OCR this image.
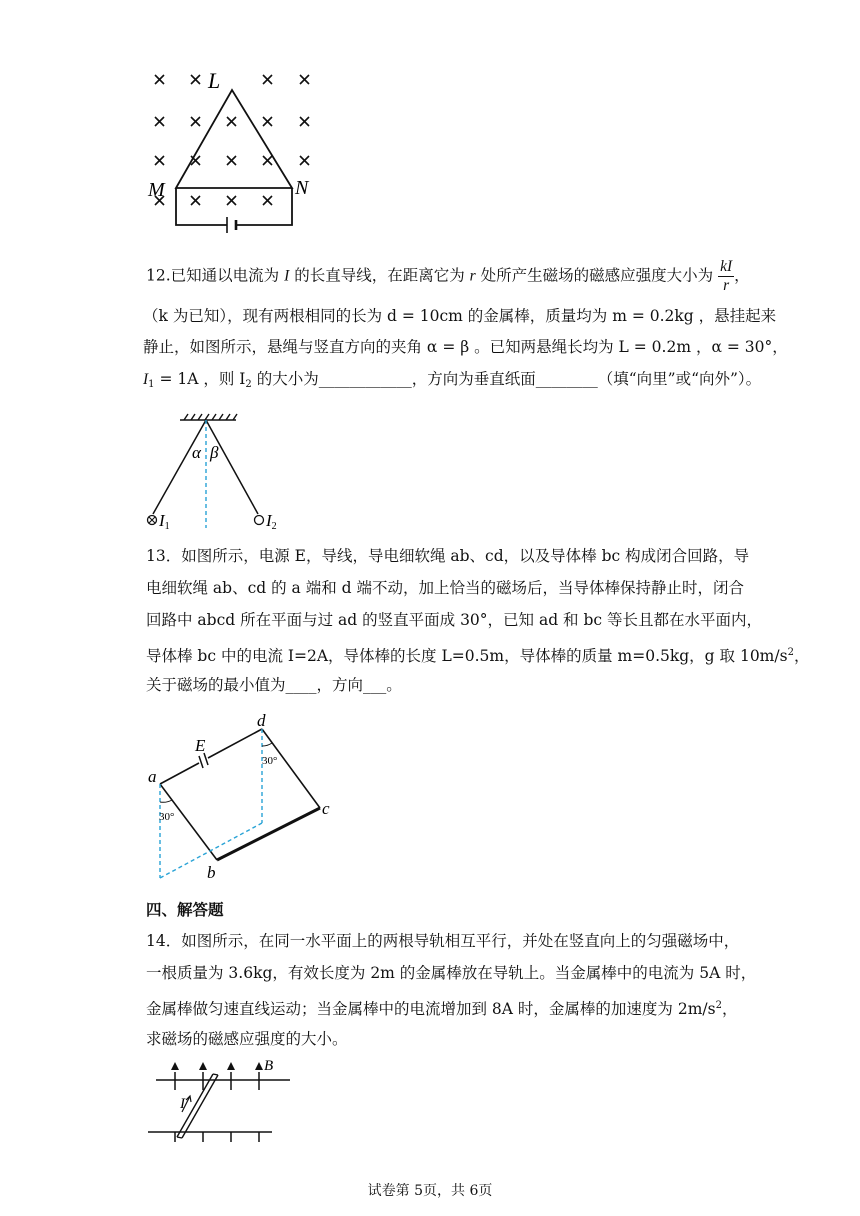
L
M	N
12.已知通以电流为 I 的长直导线，在距离它为 r 处所产生磁场的磁感应强度大小为 $\frac{kI}{r}$ ，
（k 为已知），现有两根相同的长为 d = 10cm 的金属棒，质量均为 m = 0.2kg ，悬挂起来
静止，如图所示，悬绳与竖直方向的夹角 α = β 。已知两悬绳长均为 L = 0.2m ，α = 30°，
$I_1 = 1A$ ，则 $I_2$ 的大小为____________，方向为垂直纸面________（填“向里”或“向外”）。
α β
I1	I2
13．如图所示，电源 E，导线，导电细软绳 ab、cd，以及导体棒 bc 构成闭合回路，导
电细软绳 ab、cd 的 a 端和 d 端不动，加上恰当的磁场后，当导体棒保持静止时，闭合
回路中 abcd 所在平面与过 ad 的竖直平面成 30°，已知 ad 和 bc 等长且都在水平面内，
导体棒 bc 中的电流 I=2A，导体棒的长度 L=0.5m，导体棒的质量 m=0.5kg，g 取 $10m/s^2$，
关于磁场的最小值为____，方向___。
a
b
c
d
E
30°
30°
四、解答题
14．如图所示，在同一水平面上的两根导轨相互平行，并处在竖直向上的匀强磁场中，
一根质量为 3.6kg，有效长度为 2m 的金属棒放在导轨上。当金属棒中的电流为 5A 时，
金属棒做匀速直线运动；当金属棒中的电流增加到 8A 时，金属棒的加速度为 $2m/s^2$，
求磁场的磁感应强度的大小。
I
B
试卷第 5页，共 6页
